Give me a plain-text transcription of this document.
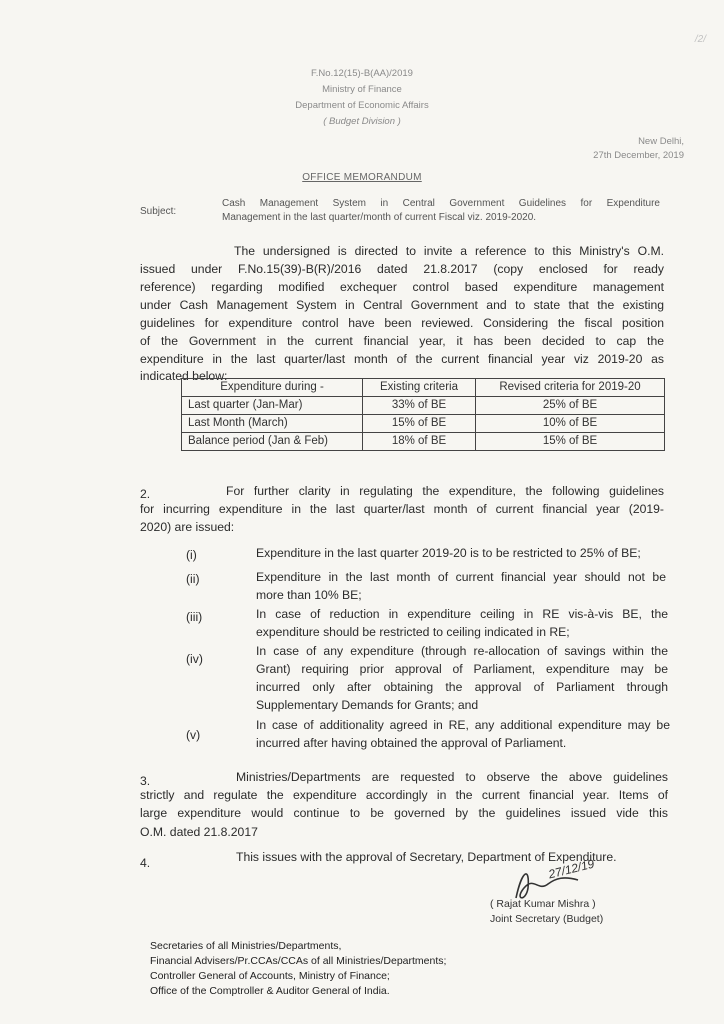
/2/
F.No.12(15)-B(AA)/2019
Ministry of Finance
Department of Economic Affairs
( Budget Division )
New Delhi,
27th December, 2019
OFFICE MEMORANDUM
Subject:
Cash Management System in Central Government Guidelines for Expenditure
Management in the last quarter/month of current Fiscal viz. 2019-2020.
The undersigned is directed to invite a reference to this Ministry's O.M.
issued under F.No.15(39)-B(R)/2016 dated 21.8.2017 (copy enclosed for ready
reference) regarding modified exchequer control based expenditure management
under Cash Management System in Central Government and to state that the existing
guidelines for expenditure control have been reviewed. Considering the fiscal position
of the Government in the current financial year, it has been decided to cap the
expenditure in the last quarter/last month of the current financial year viz 2019-20 as
indicated below:
Expenditure during -	Existing criteria	Revised criteria for 2019-20
Last quarter (Jan-Mar)	33% of BE	25% of BE
Last Month (March)	15% of BE	10% of BE
Balance period (Jan & Feb)	18% of BE	15% of BE
2.	For further clarity in regulating the expenditure, the following guidelines
for incurring expenditure in the last quarter/last month of current financial year (2019-
2020) are issued:
(i)	Expenditure in the last quarter 2019-20 is to be restricted to 25% of BE;
(ii)	Expenditure in the last month of current financial year should not be
more than 10% BE;
(iii)	In case of reduction in expenditure ceiling in RE vis-à-vis BE, the
expenditure should be restricted to ceiling indicated in RE;
(iv)
In case of any expenditure (through re-allocation of savings within the
Grant) requiring prior approval of Parliament, expenditure may be
incurred only after obtaining the approval of Parliament through
Supplementary Demands for Grants; and
(v)
In case of additionality agreed in RE, any additional expenditure may be
incurred after having obtained the approval of Parliament.
3.	Ministries/Departments are requested to observe the above guidelines
strictly and regulate the expenditure accordingly in the current financial year. Items of
large expenditure would continue to be governed by the guidelines issued vide this
O.M. dated 21.8.2017
4.	This issues with the approval of Secretary, Department of Expenditure.
27/12/19
( Rajat Kumar Mishra )
Joint Secretary (Budget)
Secretaries of all Ministries/Departments,
Financial Advisers/Pr.CCAs/CCAs of all Ministries/Departments;
Controller General of Accounts, Ministry of Finance;
Office of the Comptroller & Auditor General of India.
